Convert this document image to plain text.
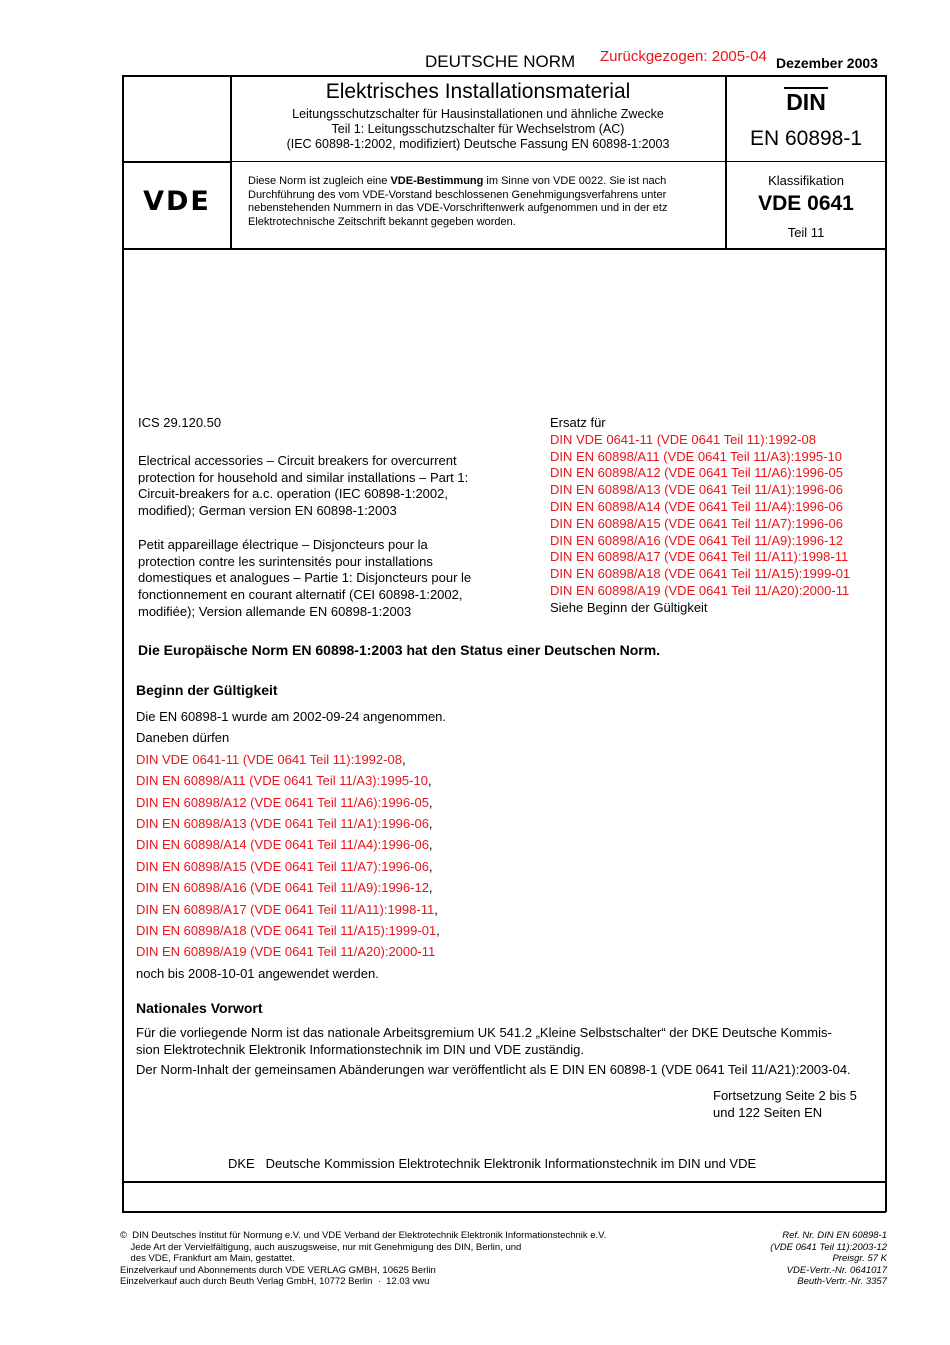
DEUTSCHE NORM Zurückgezogen: 2005-04 Dezember 2003
Elektrisches Installationsmaterial
Leitungsschutzschalter für Hausinstallationen und ähnliche Zwecke
Teil 1: Leitungsschutzschalter für Wechselstrom (AC)
(IEC 60898-1:2002, modifiziert) Deutsche Fassung EN 60898-1:2003
DIN
EN 60898-1
VDE
Diese Norm ist zugleich eine VDE-Bestimmung im Sinne von VDE 0022. Sie ist nach
Durchführung des vom VDE-Vorstand beschlossenen Genehmigungsverfahrens unter
nebenstehenden Nummern in das VDE-Vorschriftenwerk aufgenommen und in der etz
Elektrotechnische Zeitschrift bekannt gegeben worden.
Klassifikation
VDE 0641
Teil 11
ICS 29.120.50
Electrical accessories – Circuit breakers for overcurrent
protection for household and similar installations – Part 1:
Circuit-breakers for a.c. operation (IEC 60898-1:2002,
modified); German version EN 60898-1:2003
Petit appareillage électrique – Disjoncteurs pour la
protection contre les surintensités pour installations
domestiques et analogues – Partie 1: Disjoncteurs pour le
fonctionnement en courant alternatif (CEI 60898-1:2002,
modifiée); Version allemande EN 60898-1:2003
Ersatz für
DIN VDE 0641-11 (VDE 0641 Teil 11):1992-08
DIN EN 60898/A11 (VDE 0641 Teil 11/A3):1995-10
DIN EN 60898/A12 (VDE 0641 Teil 11/A6):1996-05
DIN EN 60898/A13 (VDE 0641 Teil 11/A1):1996-06
DIN EN 60898/A14 (VDE 0641 Teil 11/A4):1996-06
DIN EN 60898/A15 (VDE 0641 Teil 11/A7):1996-06
DIN EN 60898/A16 (VDE 0641 Teil 11/A9):1996-12
DIN EN 60898/A17 (VDE 0641 Teil 11/A11):1998-11
DIN EN 60898/A18 (VDE 0641 Teil 11/A15):1999-01
DIN EN 60898/A19 (VDE 0641 Teil 11/A20):2000-11
Siehe Beginn der Gültigkeit
Die Europäische Norm EN 60898-1:2003 hat den Status einer Deutschen Norm.
Beginn der Gültigkeit
Die EN 60898-1 wurde am 2002-09-24 angenommen.
Daneben dürfen
DIN VDE 0641-11 (VDE 0641 Teil 11):1992-08,
DIN EN 60898/A11 (VDE 0641 Teil 11/A3):1995-10,
DIN EN 60898/A12 (VDE 0641 Teil 11/A6):1996-05,
DIN EN 60898/A13 (VDE 0641 Teil 11/A1):1996-06,
DIN EN 60898/A14 (VDE 0641 Teil 11/A4):1996-06,
DIN EN 60898/A15 (VDE 0641 Teil 11/A7):1996-06,
DIN EN 60898/A16 (VDE 0641 Teil 11/A9):1996-12,
DIN EN 60898/A17 (VDE 0641 Teil 11/A11):1998-11,
DIN EN 60898/A18 (VDE 0641 Teil 11/A15):1999-01,
DIN EN 60898/A19 (VDE 0641 Teil 11/A20):2000-11
noch bis 2008-10-01 angewendet werden.
Nationales Vorwort
Für die vorliegende Norm ist das nationale Arbeitsgremium UK 541.2 „Kleine Selbstschalter“ der DKE Deutsche Kommis-
sion Elektrotechnik Elektronik Informationstechnik im DIN und VDE zuständig.
Der Norm-Inhalt der gemeinsamen Abänderungen war veröffentlicht als E DIN EN 60898-1 (VDE 0641 Teil 11/A21):2003-04.
Fortsetzung Seite 2 bis 5
und 122 Seiten EN
DKE   Deutsche Kommission Elektrotechnik Elektronik Informationstechnik im DIN und VDE
©  DIN Deutsches Institut für Normung e.V. und VDE Verband der Elektrotechnik Elektronik Informationstechnik e.V.
Jede Art der Vervielfältigung, auch auszugsweise, nur mit Genehmigung des DIN, Berlin, und
des VDE, Frankfurt am Main, gestattet.
Einzelverkauf und Abonnements durch VDE VERLAG GMBH, 10625 Berlin
Einzelverkauf auch durch Beuth Verlag GmbH, 10772 Berlin  ·  12.03 vwu
Ref. Nr. DIN EN 60898-1
(VDE 0641 Teil 11):2003-12
Preisgr. 57 K
VDE-Vertr.-Nr. 0641017
Beuth-Vertr.-Nr. 3357
